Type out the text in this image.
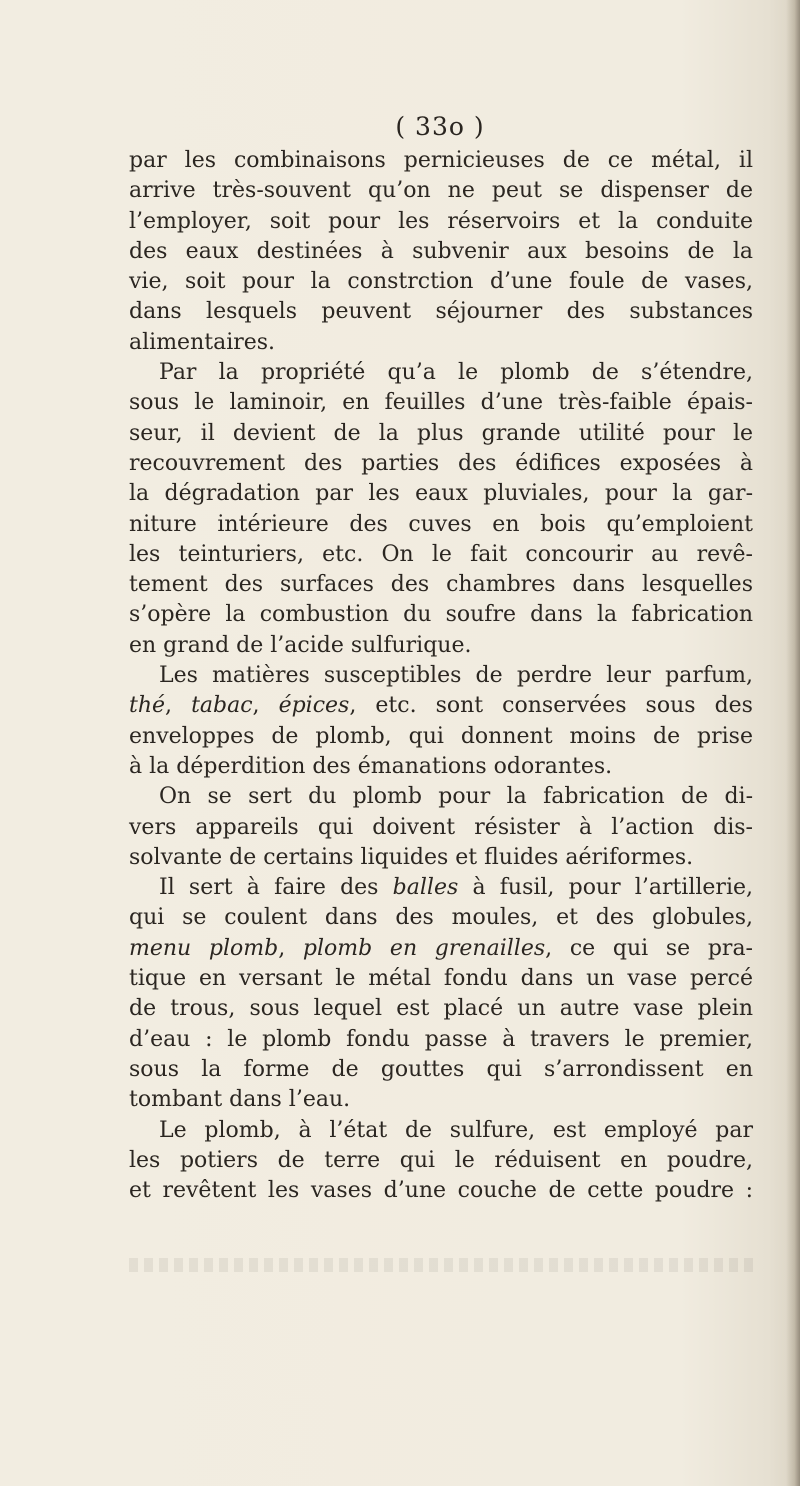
( 33o )
par les combinaisons pernicieuses de ce métal, il
arrive très-souvent qu’on ne peut se dispenser de
l’employer, soit pour les réservoirs et la conduite
des eaux destinées à subvenir aux besoins de la
vie, soit pour la constrction d’une foule de vases,
dans lesquels peuvent séjourner des substances
alimentaires.
Par la propriété qu’a le plomb de s’étendre,
sous le laminoir, en feuilles d’une très-faible épais-
seur, il devient de la plus grande utilité pour le
recouvrement des parties des édifices exposées à
la dégradation par les eaux pluviales, pour la gar-
niture intérieure des cuves en bois qu’emploient
les teinturiers, etc. On le fait concourir au revê-
tement des surfaces des chambres dans lesquelles
s’opère la combustion du soufre dans la fabrication
en grand de l’acide sulfurique.
Les matières susceptibles de perdre leur parfum,
thé, tabac, épices, etc. sont conservées sous des
enveloppes de plomb, qui donnent moins de prise
à la déperdition des émanations odorantes.
On se sert du plomb pour la fabrication de di-
vers appareils qui doivent résister à l’action dis-
solvante de certains liquides et fluides aériformes.
Il sert à faire des balles à fusil, pour l’artillerie,
qui se coulent dans des moules, et des globules,
menu plomb, plomb en grenailles, ce qui se pra-
tique en versant le métal fondu dans un vase percé
de trous, sous lequel est placé un autre vase plein
d’eau : le plomb fondu passe à travers le premier,
sous la forme de gouttes qui s’arrondissent en
tombant dans l’eau.
Le plomb, à l’état de sulfure, est employé par
les potiers de terre qui le réduisent en poudre,
et revêtent les vases d’une couche de cette poudre :
